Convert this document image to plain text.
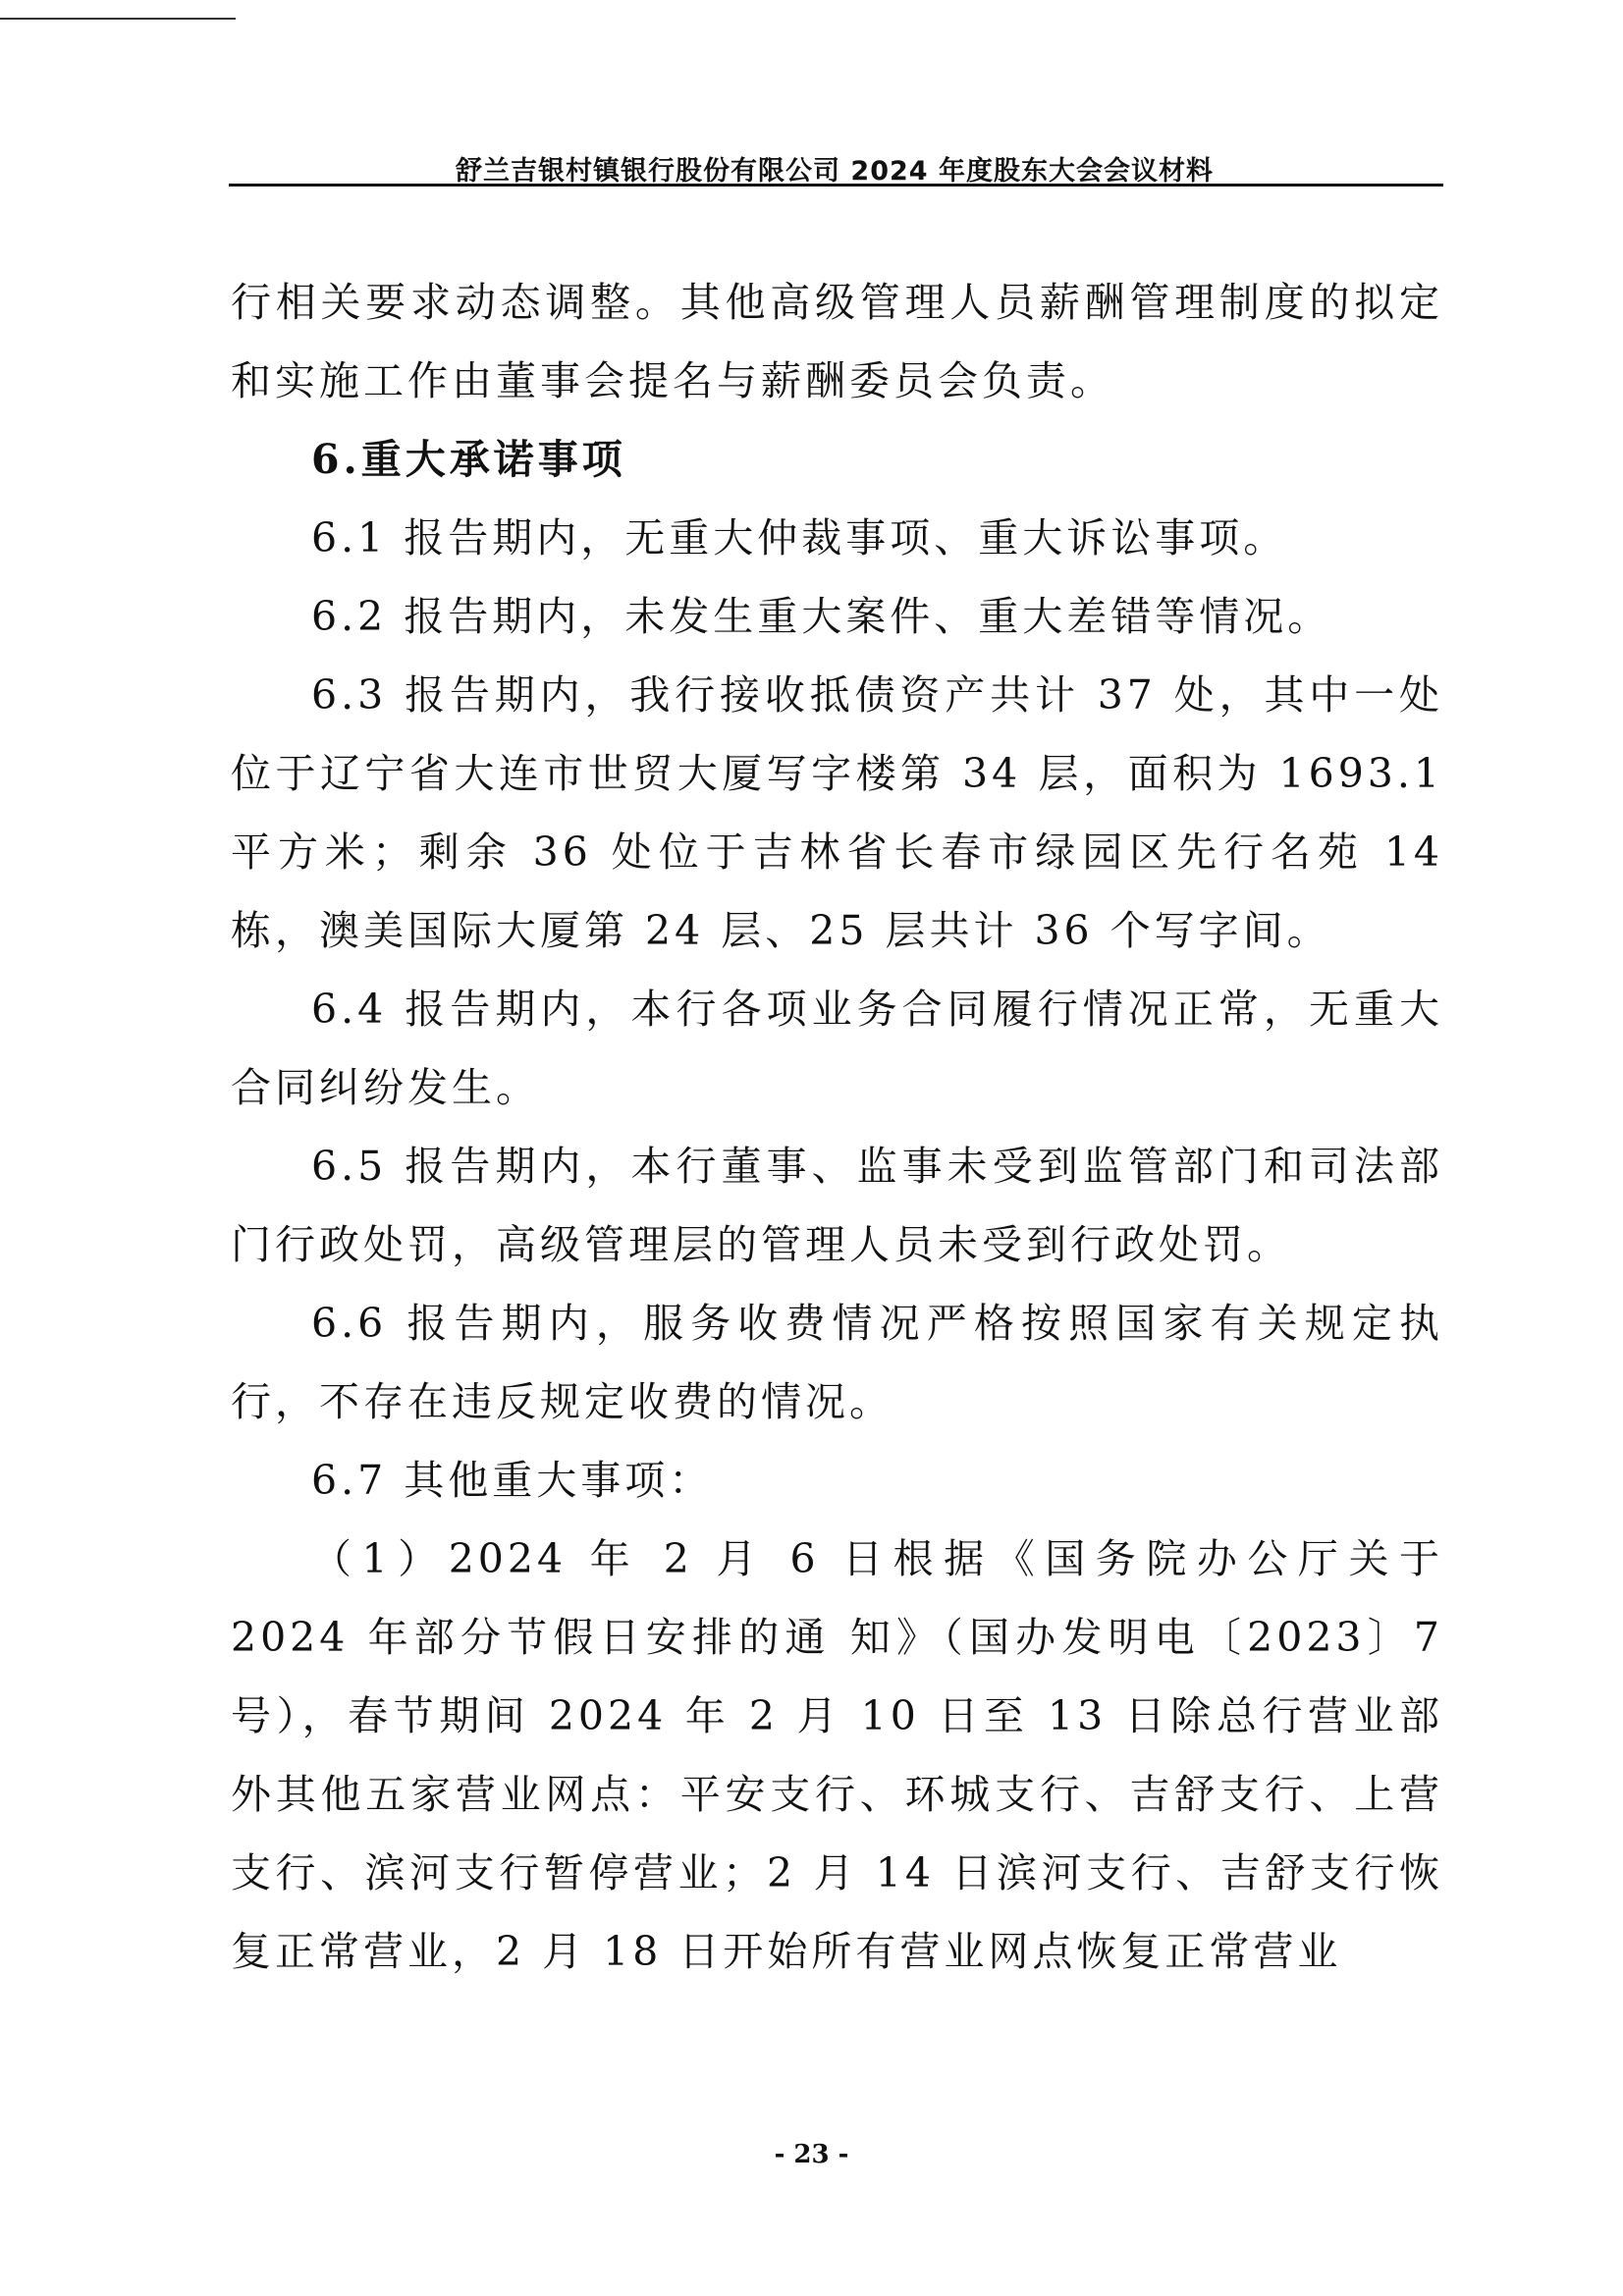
舒兰吉银村镇银行股份有限公司 2024 年度股东大会会议材料

行相关要求动态调整。其他高级管理人员薪酬管理制度的拟定和实施工作由董事会提名与薪酬委员会负责。

6.重大承诺事项

6.1 报告期内，无重大仲裁事项、重大诉讼事项。

6.2 报告期内，未发生重大案件、重大差错等情况。

6.3 报告期内，我行接收抵债资产共计 37 处，其中一处位于辽宁省大连市世贸大厦写字楼第 34 层，面积为 1693.1 平方米；剩余 36 处位于吉林省长春市绿园区先行名苑 14 栋，澳美国际大厦第 24 层、25 层共计 36 个写字间。

6.4 报告期内，本行各项业务合同履行情况正常，无重大合同纠纷发生。

6.5 报告期内，本行董事、监事未受到监管部门和司法部门行政处罚，高级管理层的管理人员未受到行政处罚。

6.6 报告期内，服务收费情况严格按照国家有关规定执行，不存在违反规定收费的情况。

6.7 其他重大事项：

（1）2024 年 2 月 6 日根据《国务院办公厅关于 2024 年部分节假日安排的通 知》（国办发明电〔2023〕7 号），春节期间 2024 年 2 月 10 日至 13 日除总行营业部外其他五家营业网点：平安支行、环城支行、吉舒支行、上营支行、滨河支行暂停营业；2 月 14 日滨河支行、吉舒支行恢复正常营业，2 月 18 日开始所有营业网点恢复正常营业

- 23 -
